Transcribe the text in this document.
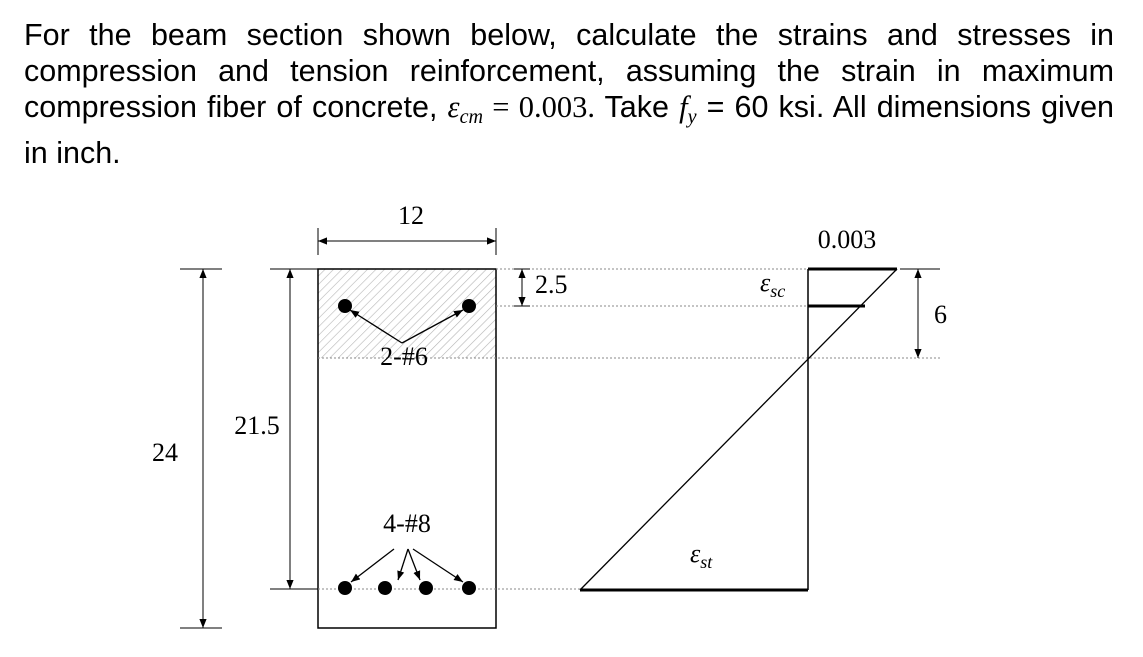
For the beam section shown below, calculate the strains and stresses in compression and tension reinforcement, assuming the strain in maximum compression fiber of concrete, $\varepsilon_{cm} = 0.003$. Take $f_y = 60$ ksi. All dimensions given in inch.

12
24
21.5
2.5
6
2-#6
4-#8
0.003
$\varepsilon_{sc}$
$\varepsilon_{st}$
